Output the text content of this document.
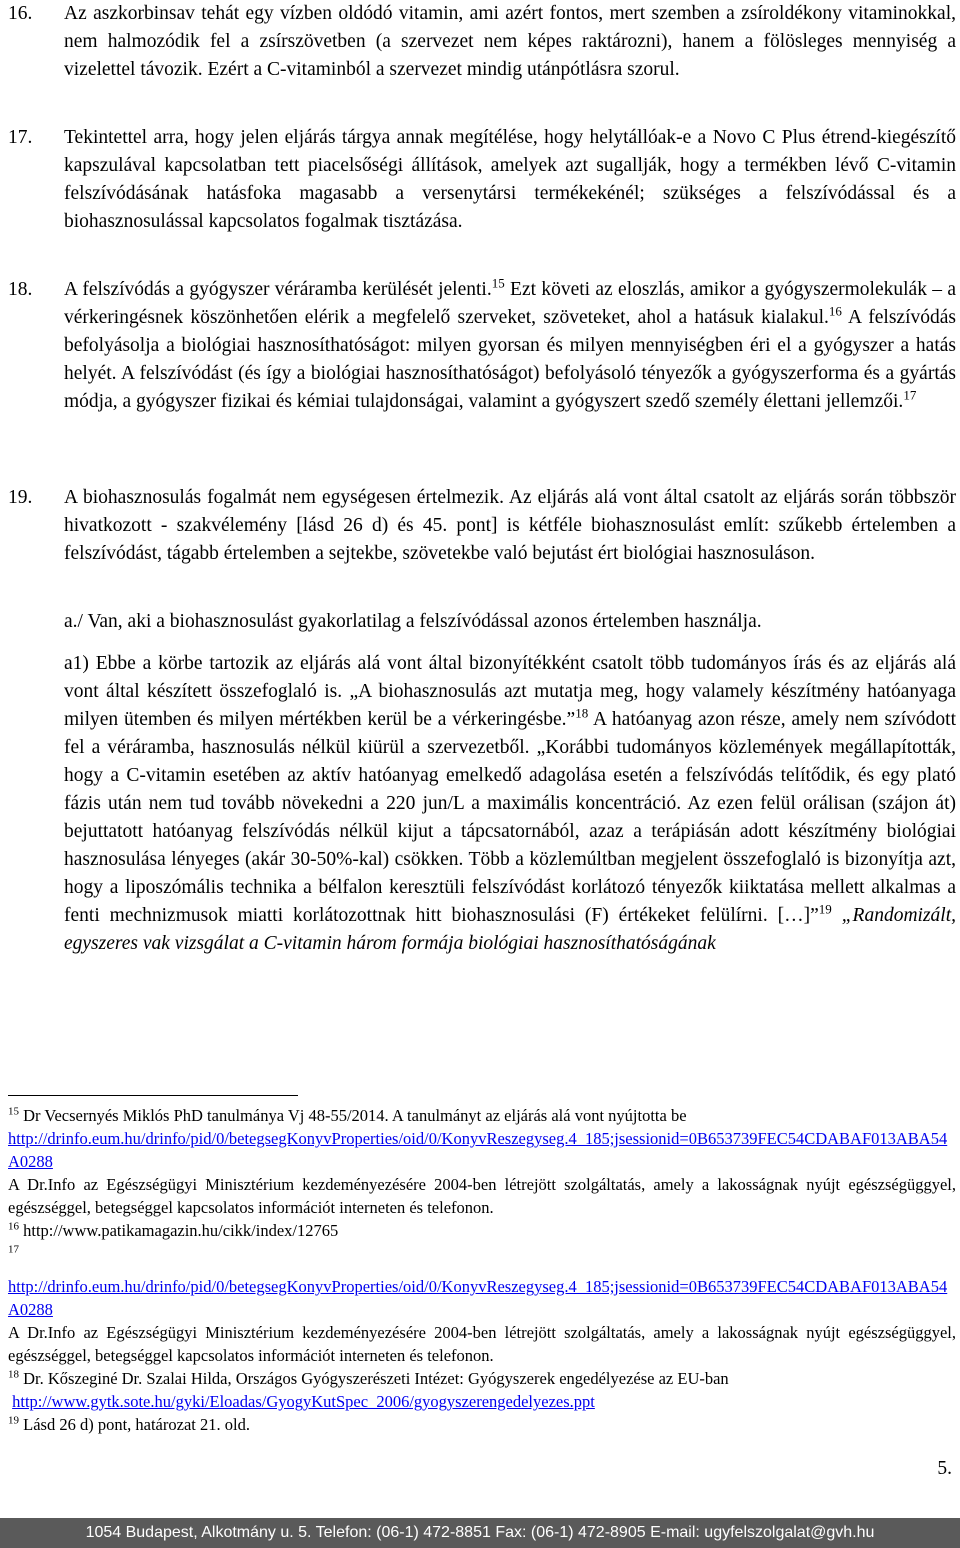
16.	Az aszkorbinsav tehát egy vízben oldódó vitamin, ami azért fontos, mert szemben a zsíroldékony vitaminokkal, nem halmozódik fel a zsírszövetben (a szervezet nem képes raktározni), hanem a fölösleges mennyiség a vizelettel távozik. Ezért a C-vitaminból a szervezet mindig utánpótlásra szorul.
17.	Tekintettel arra, hogy jelen eljárás tárgya annak megítélése, hogy helytállóak-e a Novo C Plus étrend-kiegészítő kapszulával kapcsolatban tett piacelsőségi állítások, amelyek azt sugallják, hogy a termékben lévő C-vitamin felszívódásának hatásfoka magasabb a versenytársi termékekénél; szükséges a felszívódással és a biohasznosulással kapcsolatos fogalmak tisztázása.
18.	A felszívódás a gyógyszer véráramba kerülését jelenti.$^{15}$ Ezt követi az eloszlás, amikor a gyógyszermolekulák – a vérkeringésnek köszönhetően elérik a megfelelő szerveket, szöveteket, ahol a hatásuk kialakul.$^{16}$ A felszívódás befolyásolja a biológiai hasznosíthatóságot: milyen gyorsan és milyen mennyiségben éri el a gyógyszer a hatás helyét. A felszívódást (és így a biológiai hasznosíthatóságot) befolyásoló tényezők a gyógyszerforma és a gyártás módja, a gyógyszer fizikai és kémiai tulajdonságai, valamint a gyógyszert szedő személy élettani jellemzői.$^{17}$
19.	A biohasznosulás fogalmát nem egységesen értelmezik. Az eljárás alá vont által csatolt az eljárás során többször hivatkozott - szakvélemény [lásd 26 d) és 45. pont] is kétféle biohasznosulást említ: szűkebb értelemben a felszívódást, tágabb értelemben a sejtekbe, szövetekbe való bejutást ért biológiai hasznosuláson.
a./ Van, aki a biohasznosulást gyakorlatilag a felszívódással azonos értelemben használja.
a1) Ebbe a körbe tartozik az eljárás alá vont által bizonyítékként csatolt több tudományos írás és az eljárás alá vont által készített összefoglaló is. „A biohasznosulás azt mutatja meg, hogy valamely készítmény hatóanyaga milyen ütemben és milyen mértékben kerül be a vérkeringésbe.”$^{18}$ A hatóanyag azon része, amely nem szívódott fel a véráramba, hasznosulás nélkül kiürül a szervezetből. „Korábbi tudományos közlemények megállapították, hogy a C-vitamin esetében az aktív hatóanyag emelkedő adagolása esetén a felszívódás telítődik, és egy plató fázis után nem tud tovább növekedni a 220 jun/L a maximális koncentráció. Az ezen felül orálisan (szájon át) bejuttatott hatóanyag felszívódás nélkül kijut a tápcsatornából, azaz a terápiásán adott készítmény biológiai hasznosulása lényeges (akár 30-50%-kal) csökken. Több a közlemúltban megjelent összefoglaló is bizonyítja azt, hogy a liposzómális technika a bélfalon keresztüli felszívódást korlátozó tényezők kiiktatása mellett alkalmas a fenti mechnizmusok miatti korlátozottnak hitt biohasznosulási (F) értékeket felülírni. […]”$^{19}$ „Randomizált, egyszeres vak vizsgálat a C-vitamin három formája biológiai hasznosíthatóságának

$^{15}$ Dr Vecsernyés Miklós PhD tanulmánya Vj 48-55/2014. A tanulmányt az eljárás alá vont nyújtotta be
http://drinfo.eum.hu/drinfo/pid/0/betegsegKonyvProperties/oid/0/KonyvReszegyseg.4_185;jsessionid=0B653739FEC54CDABAF013ABA54A0288
A Dr.Info az Egészségügyi Minisztérium kezdeményezésére 2004-ben létrejött szolgáltatás, amely a lakosságnak nyújt egészségüggyel, egészséggel, betegséggel kapcsolatos információt interneten és telefonon.

$^{16}$ http://www.patikamagazin.hu/cikk/index/12765

$^{17}$

http://drinfo.eum.hu/drinfo/pid/0/betegsegKonyvProperties/oid/0/KonyvReszegyseg.4_185;jsessionid=0B653739FEC54CDABAF013ABA54A0288
A Dr.Info az Egészségügyi Minisztérium kezdeményezésére 2004-ben létrejött szolgáltatás, amely a lakosságnak nyújt egészségüggyel, egészséggel, betegséggel kapcsolatos információt interneten és telefonon.

$^{18}$ Dr. Kőszeginé Dr. Szalai Hilda, Országos Gyógyszerészeti Intézet: Gyógyszerek engedélyezése az EU-ban
http://www.gytk.sote.hu/gyki/Eloadas/GyogyKutSpec_2006/gyogyszerengedelyezes.ppt

$^{19}$ Lásd 26 d) pont, határozat 21. old.

5.
1054 Budapest, Alkotmány u. 5. Telefon: (06-1) 472-8851 Fax: (06-1) 472-8905 E-mail: ugyfelszolgalat@gvh.hu
